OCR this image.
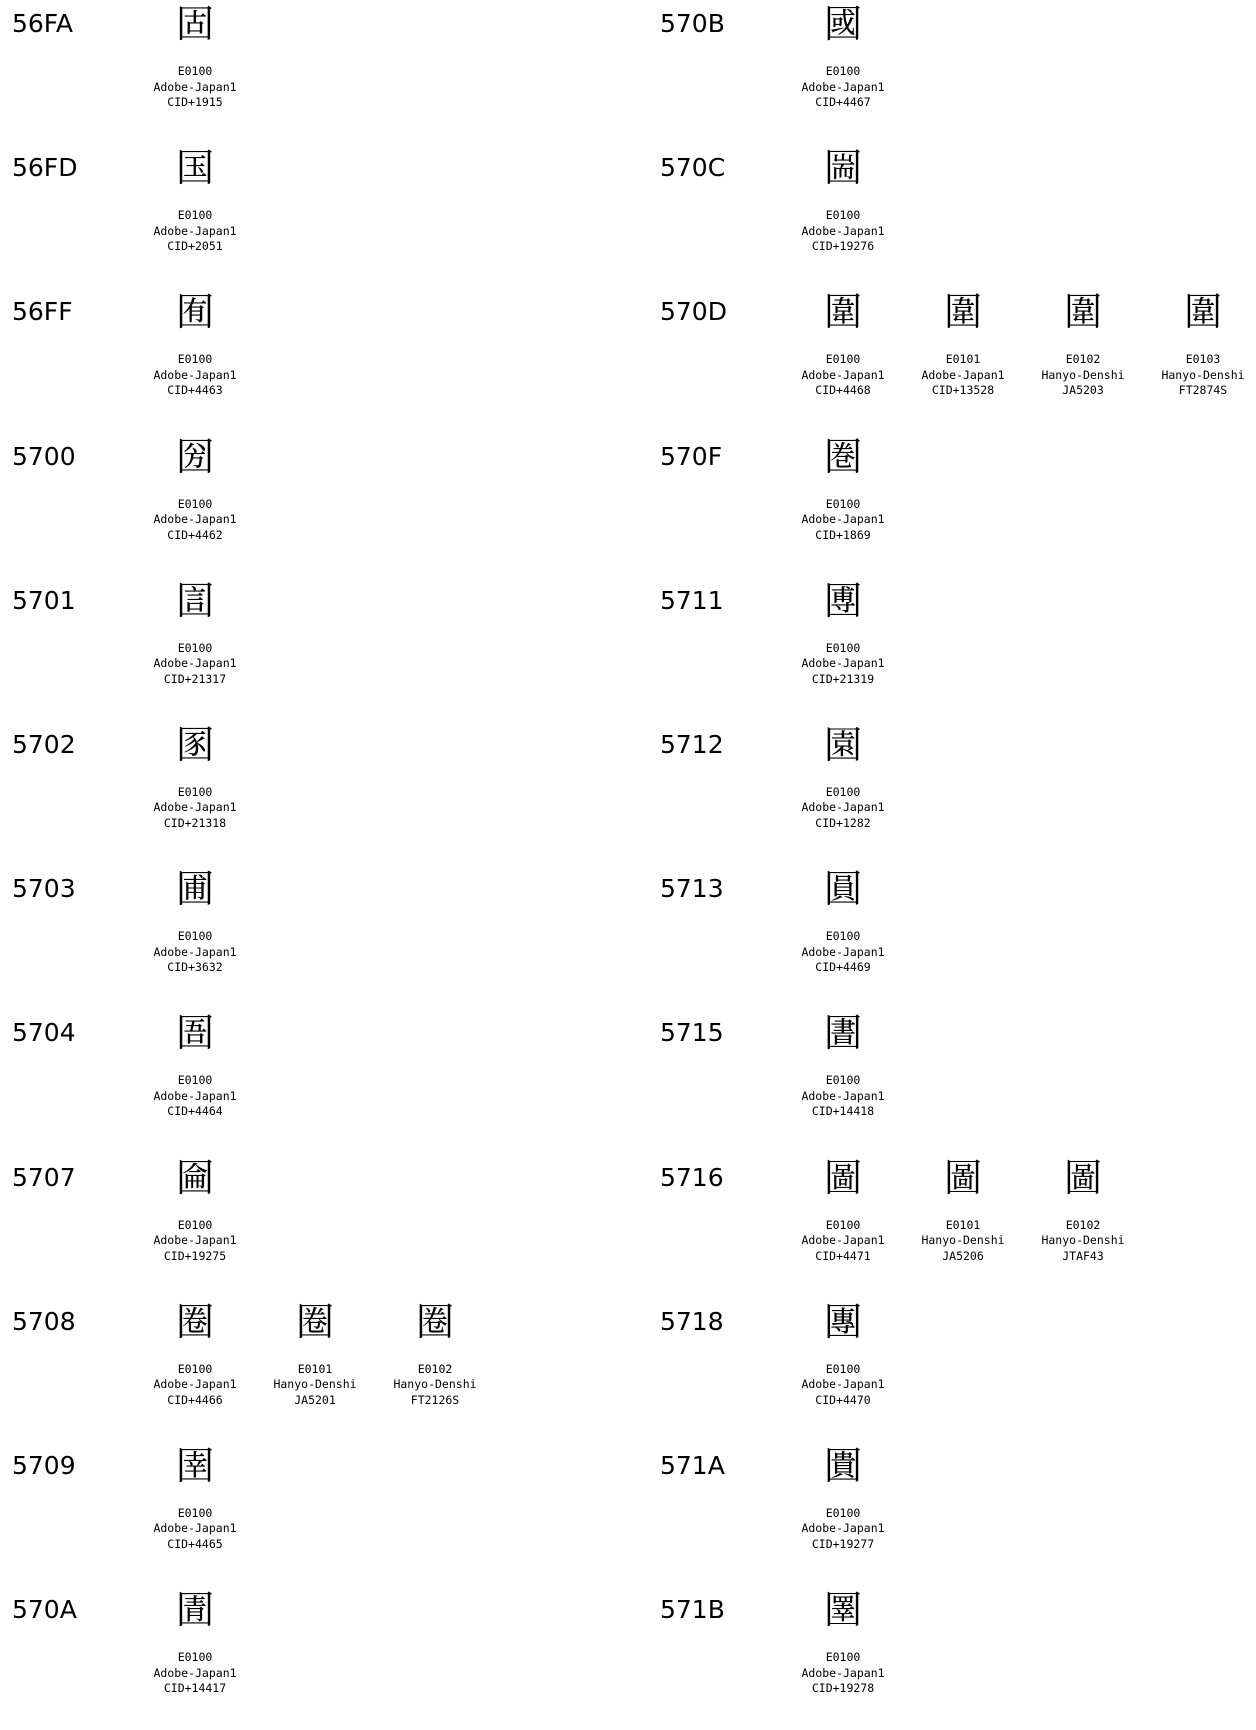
56FA	固
E0100
Adobe-Japan1
CID+1915
56FD	国
E0100
Adobe-Japan1
CID+2051
56FF	囿
E0100
Adobe-Japan1
CID+4463
5700	圀
E0100
Adobe-Japan1
CID+4462
5701	圁
E0100
Adobe-Japan1
CID+21317
5702	圂
E0100
Adobe-Japan1
CID+21318
5703	圃
E0100
Adobe-Japan1
CID+3632
5704	圄
E0100
Adobe-Japan1
CID+4464
5707	圇
E0100
Adobe-Japan1
CID+19275
5708	圈
E0100
Adobe-Japan1
CID+4466
圈
E0101
Hanyo-Denshi
JA5201
圈
E0102
Hanyo-Denshi
FT2126S
5709	圉
E0100
Adobe-Japan1
CID+4465
570A	圊
E0100
Adobe-Japan1
CID+14417
570B	國
E0100
Adobe-Japan1
CID+4467
570C	圌
E0100
Adobe-Japan1
CID+19276
570D	圍
E0100
Adobe-Japan1
CID+4468
圍
E0101
Adobe-Japan1
CID+13528
圍
E0102
Hanyo-Denshi
JA5203
圍
E0103
Hanyo-Denshi
FT2874S
570F	圏
E0100
Adobe-Japan1
CID+1869
5711	圑
E0100
Adobe-Japan1
CID+21319
5712	園
E0100
Adobe-Japan1
CID+1282
5713	圓
E0100
Adobe-Japan1
CID+4469
5715	圕
E0100
Adobe-Japan1
CID+14418
5716	圖
E0100
Adobe-Japan1
CID+4471
圖
E0101
Hanyo-Denshi
JA5206
圖
E0102
Hanyo-Denshi
JTAF43
5718	團
E0100
Adobe-Japan1
CID+4470
571A	圚
E0100
Adobe-Japan1
CID+19277
571B	圛
E0100
Adobe-Japan1
CID+19278
